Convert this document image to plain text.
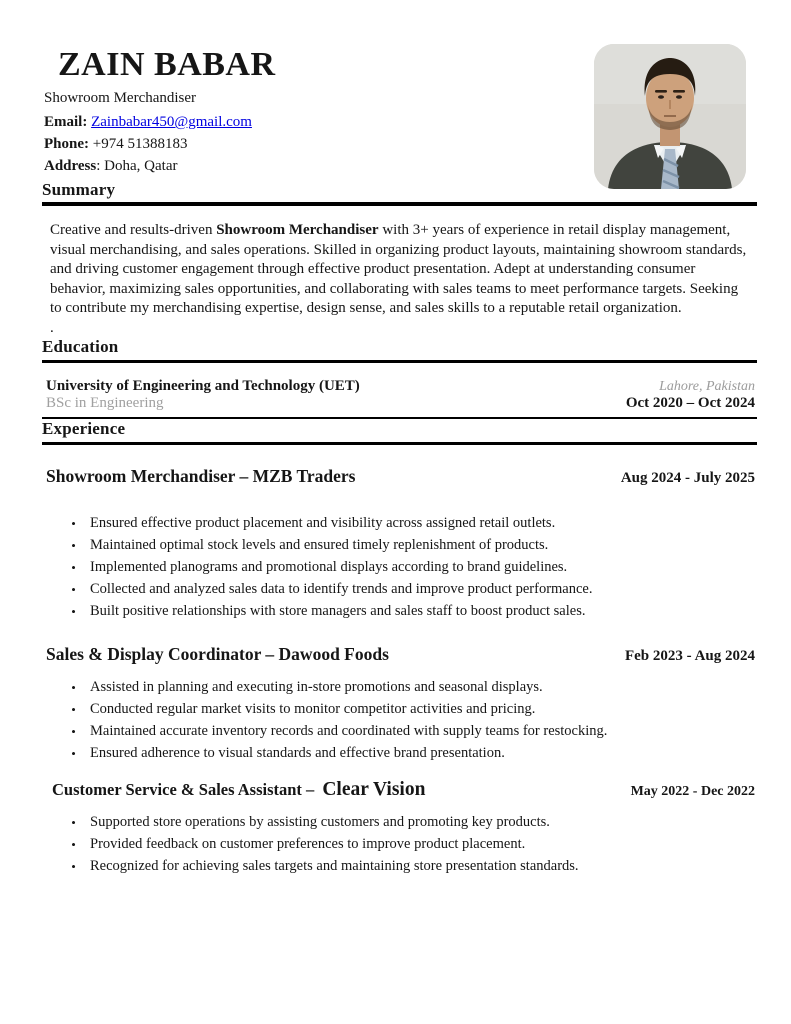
ZAIN BABAR
Showroom Merchandiser
Email: Zainbabar450@gmail.com
Phone: +974 51388183
Address: Doha, Qatar
Summary

Creative and results-driven Showroom Merchandiser with 3+ years of experience in retail display management, visual merchandising, and sales operations. Skilled in organizing product layouts, maintaining showroom standards, and driving customer engagement through effective product presentation. Adept at understanding consumer behavior, maximizing sales opportunities, and collaborating with sales teams to meet performance targets. Seeking to contribute my merchandising expertise, design sense, and sales skills to a reputable retail organization.

.
Education
University of Engineering and Technology (UET)	Lahore, Pakistan
BSc in Engineering	Oct 2020 – Oct 2024
Experience
Showroom Merchandiser – MZB Traders	Aug 2024 - July 2025
• Ensured effective product placement and visibility across assigned retail outlets.
• Maintained optimal stock levels and ensured timely replenishment of products.
• Implemented planograms and promotional displays according to brand guidelines.
• Collected and analyzed sales data to identify trends and improve product performance.
• Built positive relationships with store managers and sales staff to boost product sales.
Sales & Display Coordinator – Dawood Foods	Feb 2023 - Aug 2024
• Assisted in planning and executing in-store promotions and seasonal displays.
• Conducted regular market visits to monitor competitor activities and pricing.
• Maintained accurate inventory records and coordinated with supply teams for restocking.
• Ensured adherence to visual standards and effective brand presentation.
Customer Service & Sales Assistant – Clear Vision	May 2022 - Dec 2022
• Supported store operations by assisting customers and promoting key products.
• Provided feedback on customer preferences to improve product placement.
• Recognized for achieving sales targets and maintaining store presentation standards.
